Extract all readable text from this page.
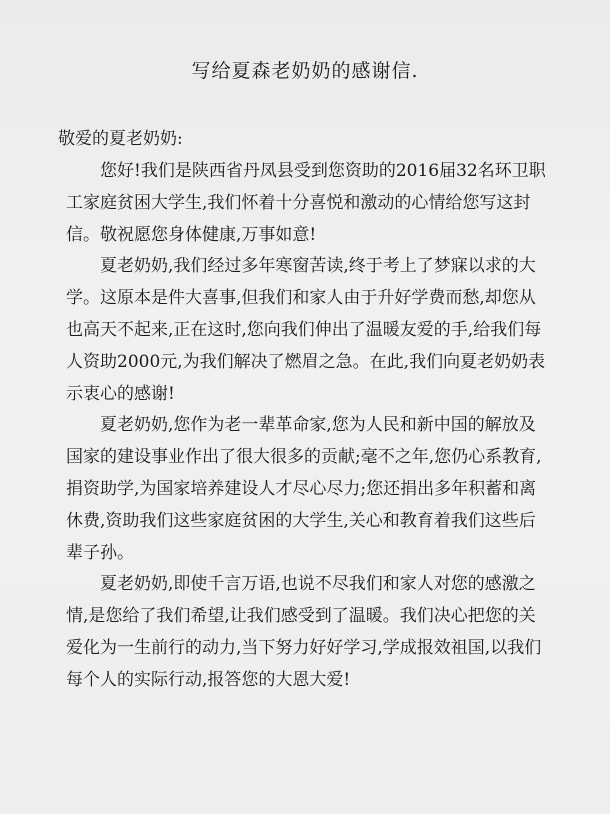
写给夏森老奶奶的感谢信.
敬爱的夏老奶奶:

您好!我们是陕西省丹凤县受到您资助的2016届32名环卫职工家庭贫困大学生,我们怀着十分喜悦和激动的心情给您写这封信。敬祝愿您身体健康,万事如意!

夏老奶奶,我们经过多年寒窗苦读,终于考上了梦寐以求的大学。这原本是件大喜事,但我们和家人由于升好学费而愁,却您从也高天不起来,正在这时,您向我们伸出了温暖友爱的手,给我们每人资助2000元,为我们解决了燃眉之急。在此,我们向夏老奶奶表示衷心的感谢!

夏老奶奶,您作为老一辈革命家,您为人民和新中国的解放及国家的建设事业作出了很大很多的贡献;毫不之年,您仍心系教育,捐资助学,为国家培养建设人才尽心尽力;您还捐出多年积蓄和离休费,资助我们这些家庭贫困的大学生,关心和教育着我们这些后辈子孙。

夏老奶奶,即使千言万语,也说不尽我们和家人对您的感激之情,是您给了我们希望,让我们感受到了温暖。我们决心把您的关爱化为一生前行的动力,当下努力好好学习,学成报效祖国,以我们每个人的实际行动,报答您的大恩大爱!
